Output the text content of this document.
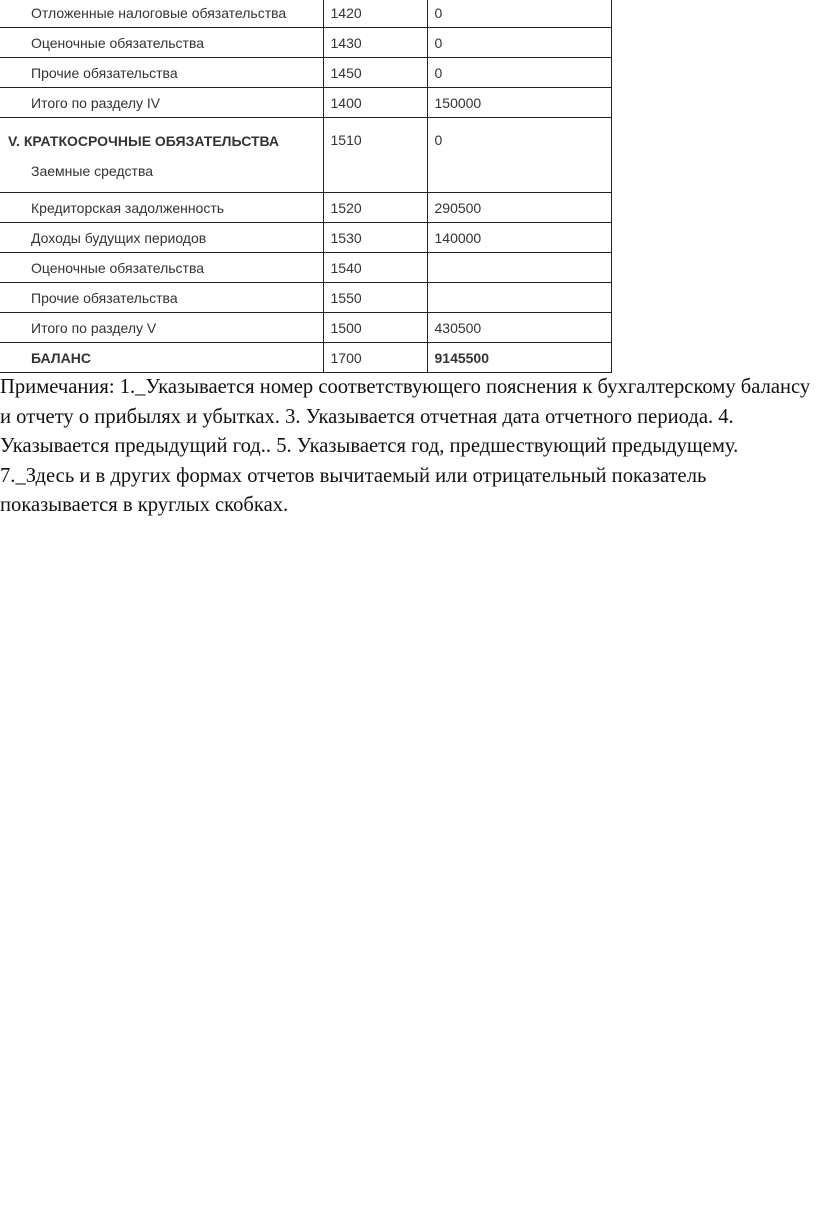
Отложенные налоговые обязательства	1420	0
Оценочные обязательства	1430	0
Прочие обязательства	1450	0
Итого по разделу IV	1400	150000

V. КРАТКОСРОЧНЫЕ ОБЯЗАТЕЛЬСТВА
Заемные средства	1510	0
Кредиторская задолженность	1520	290500
Доходы будущих периодов	1530	140000
Оценочные обязательства	1540	
Прочие обязательства	1550	
Итого по разделу V	1500	430500
БАЛАНС	1700	9145500

Примечания: 1._Указывается номер соответствующего пояснения к бухгалтерскому балансу и отчету о прибылях и убытках. 3. Указывается отчетная дата отчетного периода. 4. Указывается предыдущий год.. 5. Указывается год, предшествующий предыдущему. 7._Здесь и в других формах отчетов вычитаемый или отрицательный показатель показывается в круглых скобках.
